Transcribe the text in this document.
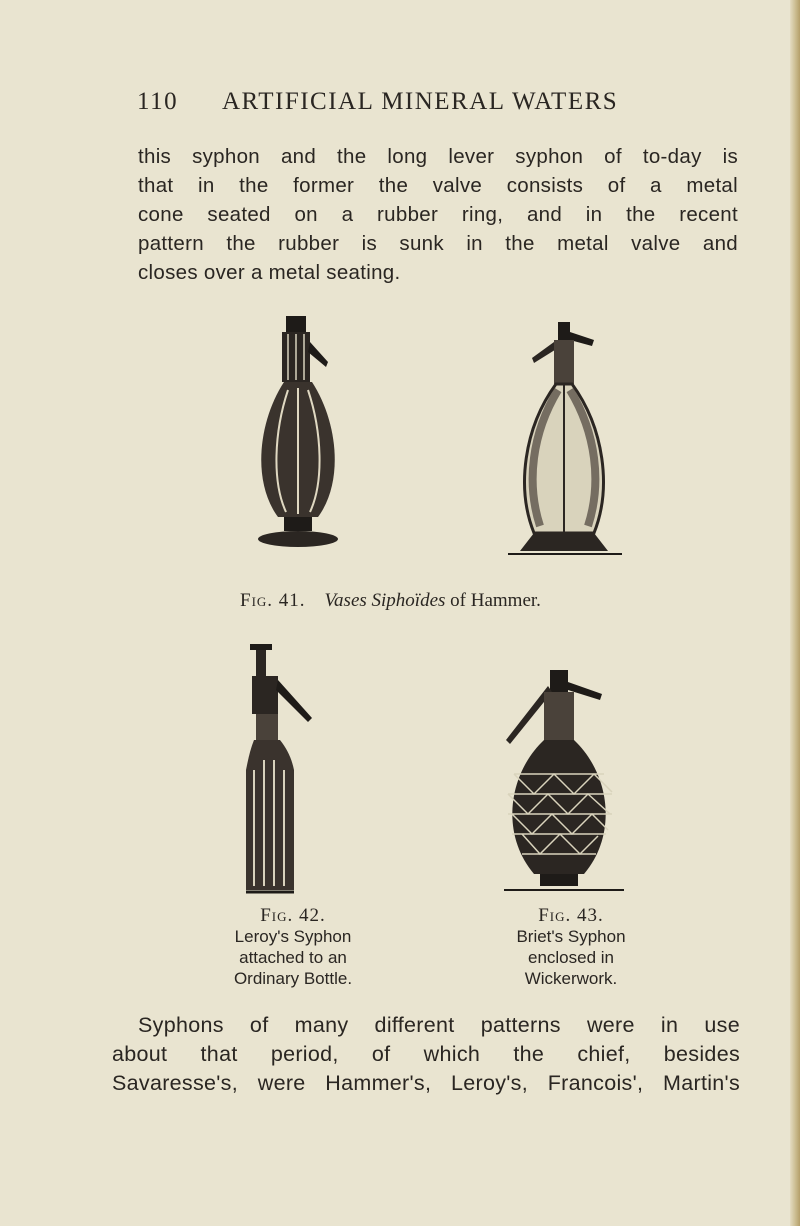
110 ARTIFICIAL MINERAL WATERS
this syphon and the long lever syphon of to-day is
that in the former the valve consists of a metal
cone seated on a rubber ring, and in the recent
pattern the rubber is sunk in the metal valve and
closes over a metal seating.
Fig. 41. Vases Siphoïdes of Hammer.
Fig. 42.
Leroy's Syphon
attached to an
Ordinary Bottle.
Fig. 43.
Briet's Syphon
enclosed in
Wickerwork.
Syphons of many different patterns were in use
about that period, of which the chief, besides
Savaresse's, were Hammer's, Leroy's, Francois', Martin's
